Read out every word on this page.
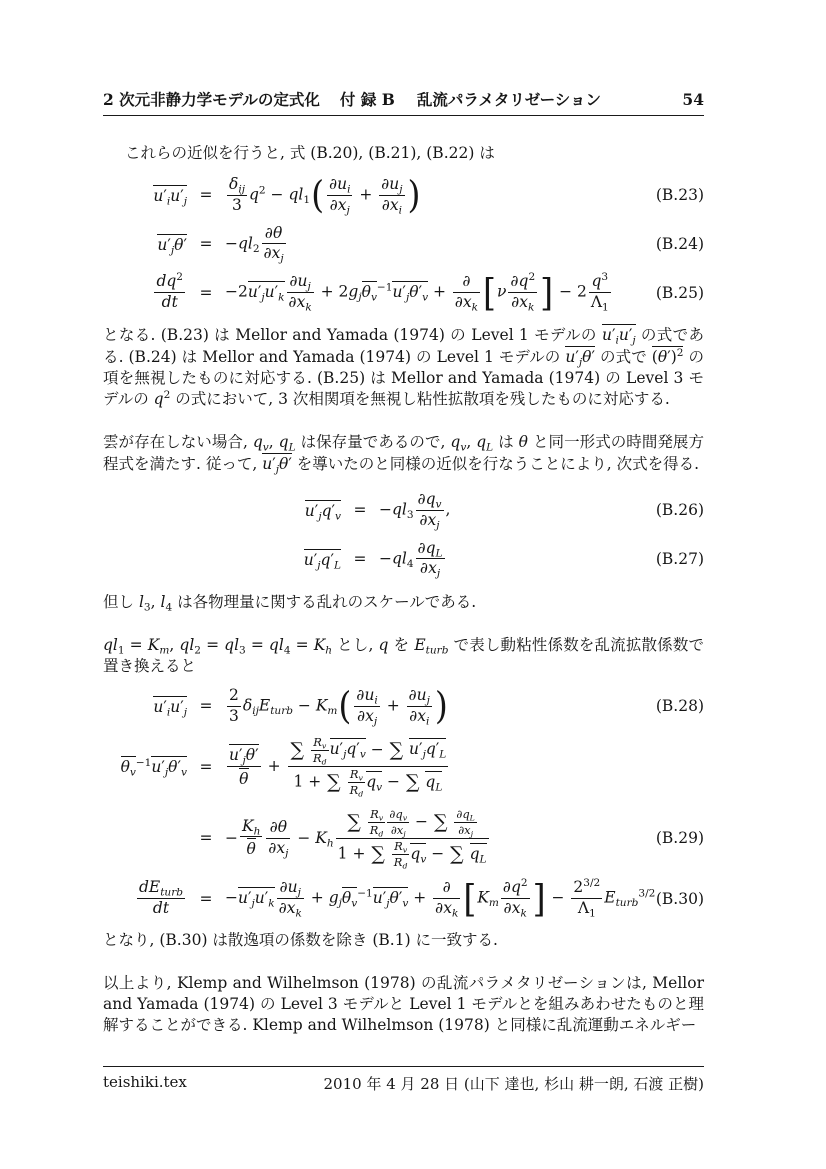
2 次元非静力学モデルの定式化 付 録 B 乱流パラメタリゼーション	54

これらの近似を行うと, 式 (B.20), (B.21), (B.22) は

$u'_iu'_j$ =
$\delta_{ij}$
3
$q^2 - ql_1( \frac{\partial u_i}{\partial x_j} + \frac{\partial u_j}{\partial x_i}$ )	(B.23)
$u'_j\theta' = -ql_2 \frac{\partial\theta}{\partial x_j}$	(B.24)
$\frac{dq^2}{dt} = -2u'_ju'_k \frac{\partial u_j}{\partial x_k} + 2g_j\theta_v^{-1}u'_j\theta'_v$ +
∂
$\partial x_k$ [$\nu \frac{\partial q^2}{\partial x_k}$ ] − $2 \frac{q^3}{\Lambda_1}$	(B.25)

となる. (B.23) は Mellor and Yamada (1974) の Level 1 モデルの $u'_iu'_j$ の式である. (B.24) は Mellor and Yamada (1974) の Level 1 モデルの $u'_j\theta'$ の式で $(\theta')^2$ の項を無視したものに対応する. (B.25) は Mellor and Yamada (1974) の Level 3 モデルの $q^2$ の式において, 3 次相関項を無視し粘性拡散項を残したものに対応する.

雲が存在しない場合, $q_v$, $q_L$ は保存量であるので, $q_v$, $q_L$ は θ と同一形式の時間発展方程式を満たす. 従って, $u'_j\theta'$ を導いたのと同様の近似を行なうことにより, 次式を得る.

$u'_jq'_v = -ql_3 \frac{\partial q_v}{\partial x_j}$ ,	(B.26)
$u'_jq'_L = -ql_4 \frac{\partial q_L}{\partial x_j}$	(B.27)

但し $l_3$, $l_4$ は各物理量に関する乱れのスケールである.

$ql_1 = K_m$, $ql_2 = ql_3 = ql_4 = K_h$ とし, q を $E_{turb}$ で表し動粘性係数を乱流拡散係数で置き換えると

$u'_iu'_j = \frac{2}{3} \delta_{ij}E_{turb} - K_m( \frac{\partial u_i}{\partial x_j} + \frac{\partial u_j}{\partial x_i}$ )	(B.28)
$\theta_v^{-1}u'_j\theta'_v = \frac{u'_j\theta'}{\theta}$ +
∑ $\frac{R_v}{R_d} u'_jq'_v$ − ∑ $u'_jq'_L$
1 + ∑ $\frac{R_v}{R_d} q_v$ − ∑ $q_L$
= − $\frac{K_h}{\theta} \frac{\partial\theta}{\partial x_j} - K_h$
∑ $\frac{R_v}{R_d} \frac{\partial q_v}{\partial x_j}$ − ∑ $\frac{\partial q_L}{\partial x_j}$
1 + ∑ $\frac{R_v}{R_d} q_v$ − ∑ $q_L$
(B.29)
$dE_{turb}$
dt
= $-u'_ju'_k \frac{\partial u_j}{\partial x_k} + g_j\theta_v^{-1}u'_j\theta'_v$ +
∂
$\partial x_k$ [$K_m \frac{\partial q^2}{\partial x_k}$ ] − $\frac{2^{3/2}}{\Lambda_1} E_{turb}^{3/2}$ (B.30)

となり, (B.30) は散逸項の係数を除き (B.1) に一致する.

以上より, Klemp and Wilhelmson (1978) の乱流パラメタリゼーションは, Mellor and Yamada (1974) の Level 3 モデルと Level 1 モデルとを組みあわせたものと理解することができる. Klemp and Wilhelmson (1978) と同様に乱流運動エネルギー

teishiki.tex	2010 年 4 月 28 日 (山下 達也, 杉山 耕一朗, 石渡 正樹)
